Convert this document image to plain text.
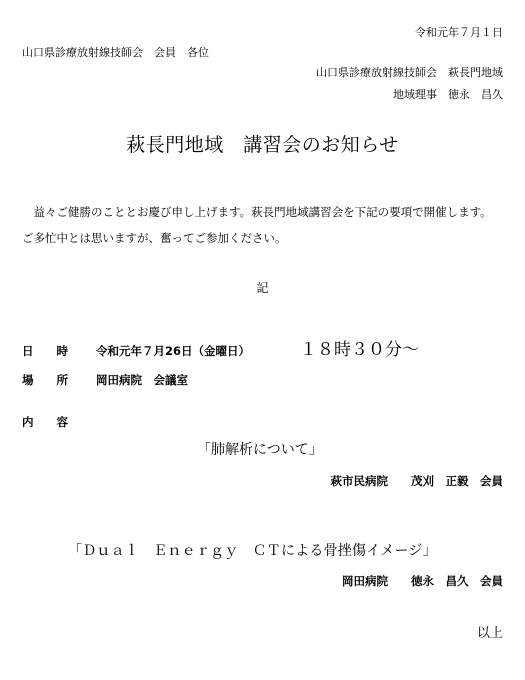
令和元年７月１日
山口県診療放射線技師会　会員　各位
山口県診療放射線技師会　萩長門地域
地域理事　徳永　昌久
萩長門地域　講習会のお知らせ
　益々ご健勝のこととお慶び申し上げます。萩長門地域講習会を下記の要項で開催します。
ご多忙中とは思いますが、奮ってご参加ください。
記
日　　時 令和元年７月26日（金曜日）	１８時３０分～
場　　所 岡田病院　会議室
内　　容
「肺解析について」
萩市民病院　　茂刈　正毅　会員
「Ｄｕａｌ　Ｅｎｅｒｇｙ　ＣＴによる骨挫傷イメージ」
岡田病院　　徳永　昌久　会員
以上
